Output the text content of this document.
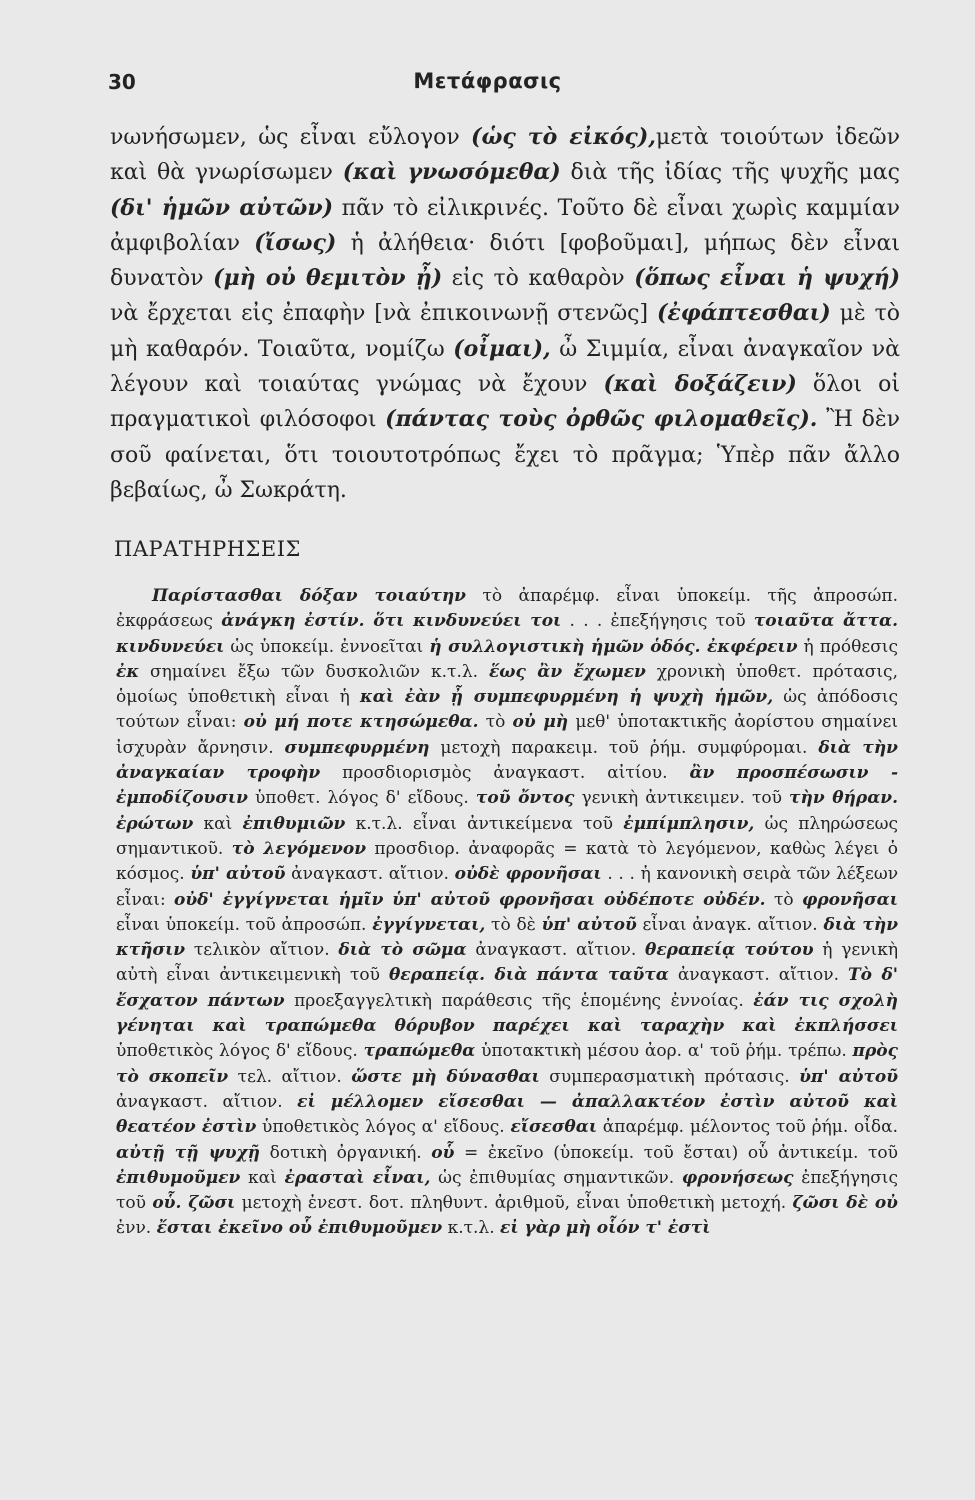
30	Μετάφρασις

νωνήσωμεν, ὡς εἶναι εὔλογον (ὡς τὸ εἰκός),μετὰ τοιούτων ἰδεῶν καὶ θὰ γνωρίσωμεν (καὶ γνωσόμεθα) διὰ τῆς ἰδίας τῆς ψυχῆς μας (δι' ἡμῶν αὐτῶν) πᾶν τὸ εἰλικρινές. Τοῦτο δὲ εἶναι χωρὶς καμμίαν ἀμφιβολίαν (ἴσως) ἡ ἀλήθεια· διότι [φοβοῦμαι], μήπως δὲν εἶναι δυνατὸν (μὴ οὐ θεμιτὸν ᾖ) εἰς τὸ καθαρὸν (ὅπως εἶναι ἡ ψυχή) νὰ ἔρχεται εἰς ἐπαφὴν [νὰ ἐπικοινωνῇ στενῶς] (ἐφάπτεσθαι) μὲ τὸ μὴ καθαρόν. Τοιαῦτα, νομίζω (οἶμαι), ὦ Σιμμία, εἶναι ἀναγκαῖον νὰ λέγουν καὶ τοιαύτας γνώμας νὰ ἔχουν (καὶ δοξάζειν) ὅλοι οἱ πραγματικοὶ φιλόσοφοι (πάντας τοὺς ὀρθῶς φιλομαθεῖς). Ἢ δὲν σοῦ φαίνεται, ὅτι τοιουτοτρόπως ἔχει τὸ πρᾶγμα; Ὑπὲρ πᾶν ἄλλο βεβαίως, ὦ Σωκράτη.

ΠΑΡΑΤΗΡΗΣΕΙΣ

Παρίστασθαι δόξαν τοιαύτην τὸ ἀπαρέμφ. εἶναι ὑποκείμ. τῆς ἀπροσώπ. ἐκφράσεως ἀνάγκη ἐστίν. ὅτι κινδυνεύει τοι . . . ἐπεξήγησις τοῦ τοιαῦτα ἄττα. κινδυνεύει ὡς ὑποκείμ. ἐννοεῖται ἡ συλλογιστικὴ ἡμῶν ὁδός. ἐκφέρειν ἡ πρόθεσις ἐκ σημαίνει ἔξω τῶν δυσκολιῶν κ.τ.λ. ἕως ἂν ἔχωμεν χρονικὴ ὑποθετ. πρότασις, ὁμοίως ὑποθετικὴ εἶναι ἡ καὶ ἐὰν ᾖ συμπεφυρμένη ἡ ψυχὴ ἡμῶν, ὡς ἀπόδοσις τούτων εἶναι: οὐ μή ποτε κτησώμεθα. τὸ οὐ μὴ μεθ' ὑποτακτικῆς ἀορίστου σημαίνει ἰσχυρὰν ἄρνησιν. συμπεφυρμένη μετοχὴ παρακειμ. τοῦ ῥήμ. συμφύρομαι. διὰ τὴν ἀναγκαίαν τροφὴν προσδιορισμὸς ἀναγκαστ. αἰτίου. ἂν προσπέσωσιν - ἐμποδίζουσιν ὑποθετ. λόγος δ' εἴδους. τοῦ ὄντος γενικὴ ἀντικειμεν. τοῦ τὴν θήραν. ἐρώτων καὶ ἐπιθυμιῶν κ.τ.λ. εἶναι ἀντικείμενα τοῦ ἐμπίμπλησιν, ὡς πληρώσεως σημαντικοῦ. τὸ λεγόμενον προσδιορ. ἀναφορᾶς = κατὰ τὸ λεγόμενον, καθὼς λέγει ὁ κόσμος. ὑπ' αὐτοῦ ἀναγκαστ. αἴτιον. οὐδὲ φρονῆσαι . . . ἡ κανονικὴ σειρὰ τῶν λέξεων εἶναι: οὐδ' ἐγγίγνεται ἡμῖν ὑπ' αὐτοῦ φρονῆσαι οὐδέποτε οὐδέν. τὸ φρονῆσαι εἶναι ὑποκείμ. τοῦ ἀπροσώπ. ἐγγίγνεται, τὸ δὲ ὑπ' αὐτοῦ εἶναι ἀναγκ. αἴτιον. διὰ τὴν κτῆσιν τελικὸν αἴτιον. διὰ τὸ σῶμα ἀναγκαστ. αἴτιον. θεραπείᾳ τούτου ἡ γενικὴ αὐτὴ εἶναι ἀντικειμενικὴ τοῦ θεραπείᾳ. διὰ πάντα ταῦτα ἀναγκαστ. αἴτιον. Τὸ δ' ἔσχατον πάντων προεξαγγελτικὴ παράθεσις τῆς ἑπομένης ἐννοίας. ἐάν τις σχολὴ γένηται καὶ τραπώμεθα θόρυβον παρέχει καὶ ταραχὴν καὶ ἐκπλήσσει ὑποθετικὸς λόγος δ' εἴδους. τραπώμεθα ὑποτακτικὴ μέσου ἀορ. α' τοῦ ῥήμ. τρέπω. πρὸς τὸ σκοπεῖν τελ. αἴτιον. ὥστε μὴ δύνασθαι συμπερασματικὴ πρότασις. ὑπ' αὐτοῦ ἀναγκαστ. αἴτιον. εἰ μέλλομεν εἴσεσθαι — ἀπαλλακτέον ἐστὶν αὐτοῦ καὶ θεατέον ἐστὶν ὑποθετικὸς λόγος α' εἴδους. εἴσεσθαι ἀπαρέμφ. μέλοντος τοῦ ῥήμ. οἶδα. αὐτῇ τῇ ψυχῇ δοτικὴ ὀργανική. οὗ = ἐκεῖνο (ὑποκείμ. τοῦ ἔσται) οὗ ἀντικείμ. τοῦ ἐπιθυμοῦμεν καὶ ἐρασταὶ εἶναι, ὡς ἐπιθυμίας σημαντικῶν. φρονήσεως ἐπεξήγησις τοῦ οὗ. ζῶσι μετοχὴ ἐνεστ. δοτ. πληθυντ. ἀριθμοῦ, εἶναι ὑποθετικὴ μετοχή. ζῶσι δὲ οὐ ἐνν. ἔσται ἐκεῖνο οὗ ἐπιθυμοῦμεν κ.τ.λ. εἰ γὰρ μὴ οἷόν τ' ἐστὶ
